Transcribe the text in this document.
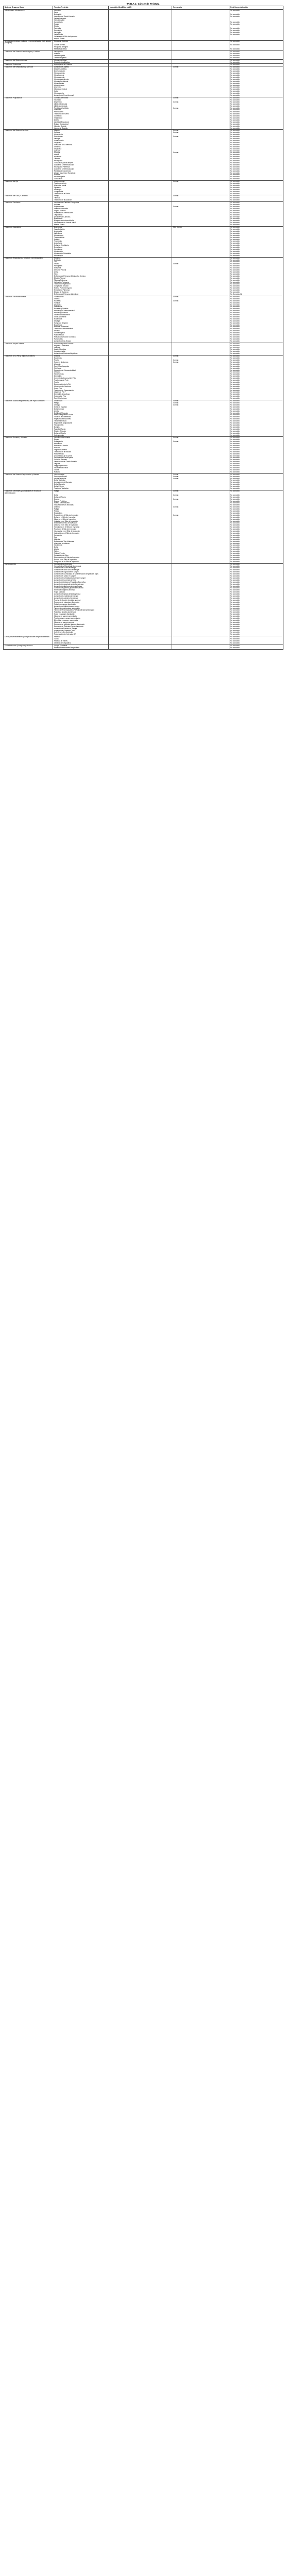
TABLA 1: Cáncer de Próstata
Sistema, Órganos, Clase	Término Preferido	Inyectable (MedDRA) (mBE)	Frecuencia	Post Comercialización

Infecciones e Infestaciones	Infección			No conocido

	Gripe			

	Bronquitis			No conocido

	Infección del Tracto Urinario			No conocido

	Quiste Infectado			

	Infección Viral			

	Candidiasis			No conocido

	Sepsis			No conocido

	Rinitis			

	Faringitis			No conocido

	Neumonía			No conocido

	Laringitis			No conocido

	Otitis Media			No conocido

	Celulitis en el Sitio de Inyección			

	Herpes Zóster			

Neoplasias benignas, malignas y no especificadas (incl. quistes y pólipos)	Neoplasia Cutánea			No conocido

	Cáncer de Piel			No conocido

	Neoplasia Benigna			

	Metástasis óseas			No conocido

Trastornos del Sistema Hematológico y Linfático	Leucopenia			No conocido

	Anemia			No conocido

	Linfadenopatía			No conocido

	Trombocitopenia			No conocido

Trastornos del Sistema Inmune	Hipersensibilidad			No conocido

	Reacción Anafiláctica			No conocido

Trastornos Endocrinos	Apoplejía de la Pituitaria			No conocido

Trastornos del Metabolismo y Nutrición	Aumento del Apetito		Común	No conocido

	Diabetes Mellitus			No conocido

	Deshidratación			No conocido

	Hiperglucemia			No conocido

	Hipoglucemia			No conocido

	Hipercalcemia			No conocido

	Hipercolesterolemia			No conocido

	Hipertrigliceridemia			No conocido

	Hiponatremia			No conocido

	Hiperuricemia			No conocido

	Anorexia			No conocido

	Obesidad Central			No conocido

	Gota			No conocido

	Hipercalemia			No conocido

	Aumento de Peso Anormal			No conocido

Trastornos Psiquiátricos	Cambios de Humor		Común	No conocido

	Insomnio			No conocido

	Depresión		Común	No conocido

	Libido Disminuida			No conocido

	Libido aumentada			No conocido

	Pérdida de la Libido		Común	No conocido

	Ansiedad			No conocido

	Nerviosismo			No conocido

	Trastorno del Sueño			No conocido

	Confusión			No conocido

	Irritabilidad			No conocido

	Delirio			No conocido

	Labilidad Emocional			No conocido

	Estado Confusional			No conocido

	Ideación Suicida			No conocido

	Intento de Suicidio			No conocido

Trastornos del Sistema Nervioso	Mareos		Común	No conocido

	Cefalea		Común	No conocido

	Hipoestesia			No conocido

	Parestesias		Común	No conocido

	Letargia			No conocido

	Somnolencia			No conocido

	Disgeusia			No conocido

	Alteración de la Memoria			No conocido

	Amnesia			No conocido

	Disgeusia			No conocido

	Ageusia			No conocido

	Síncope		Común	No conocido

	Ataxia			No conocido

	Hipotonía			No conocido

	Temblor			No conocido

	Neuropatía			No conocido

	Convulsión parcial simple			No conocido

	Accidente Cerebrovascular			No conocido

	Neuropatía Periférica			No conocido

	Accidente Cerebrovascular			No conocido

	Pérdida de Conciencia			No conocido

	Ataque Isquémico Transitorio			No conocido

	Parálisis			No conocido

	Neuromiopatía			No conocido

	Convulsión			No conocido

Trastornos del Ojo	Visión borrosa		Común	No conocido

	Trastorno del ojo			No conocido

	Alteración visual			No conocido

	Ojo seco			No conocido

	Ambliopía			No conocido

	Conjuntivitis			No conocido

	Trastorno de la Visión			No conocido

Trastornos del Oído y Laberinto	Vértigo		Común	No conocido

	Tinnitus			No conocido

	Trastorno de la Audición			No conocido

Trastornos Cardíacos	Insuficiencia Cardíaca Congestiva			No conocido

	Arritmia			No conocido

	Palpitaciones		Común	No conocido

	Infarto al Miocardio			No conocido

	Angina Pectoris			No conocido

	Extrasístoles ventriculares			No conocido

	Taquicardia			No conocido

	Insuficiencia Cardíaca			No conocido

	Bradicardia			No conocido

	Bloqueo Auriculoventricular			No conocido

	Insuficiencia de Válvula Mitral			No conocido

	Muerte Súbita			No conocido

Trastornos Vasculares	Bochornos		Muy Común	No conocido

	Vasodilatación			No conocido

	Angiopatía			No conocido

	Linfedema			No conocido

	Hipertensión			No conocido

	Tromboflebitis			No conocido

	Palidez			No conocido

	Trombosis			No conocido

	Aneurisma			No conocido

	Colapso Circulatorio			No conocido

	Embolismo			No conocido

	Hematoma			No conocido

	Hipotensión			No conocido

	Hipotensión Ortostática			No conocido

	Hemorragia			No conocido

Trastornos Respiratorios, Torácicos y del Mediastino	Rinorrea			No conocido

	Epistaxis			No conocido

	Tos			No conocido

	Disnea		Común	No conocido

	Hemoptisis			No conocido

	Enfisema			No conocido

	Derrame Pleural			No conocido

	Asma			No conocido

	Hipo			No conocido

	Enfermedad Pulmonar Obstructiva Crónica			No conocido

	Efusión Pleural			No conocido

	Fibrosis Pulmonar			No conocido

	Infiltración Pulmonar			No conocido

	Trastorno Respiratorio			No conocido

	Congestión Sinusal			No conocido

	Edema Pulmonar Agudo			No conocido

	Embolismo Pulmonar			No conocido

	Disnea de Esfuerzo			No conocido

	Enfermedad Pulmonar Intersticial			No Conocido [1]

Trastornos Gastrointestinales	Constipación		Común	No conocido

	Diarrea			No conocido

	Náuseas		Común	No conocido

	Vómitos			No conocido

	Dispepsia			No conocido

	Flatulencia			No conocido

	Náuseas y Vómitos			No conocido

	Hemorragia Gastrointestinal			No conocido

	Hemorragia Rectal			No conocido

	Distensión Abdominal			No conocido

	Dolor Abdominal			No conocido

	Boca Seca			No conocido

	Disfagia			No conocido

	Sangrado Gingival			No conocido

	Boca Seca			No conocido

	Malestar Abdominal			No conocido

	Trastorno Gastrointestinal			No conocido

	Eructos			No conocido

	Úlcera Péptica			No conocido

	Pólipo Rectal			No conocido

	Pseudo-obstrucción Colónica			No conocido

	Pancreatitis			No conocido

	Aumento de las Encías			No conocido

Trastornos Hepato-biliares	Función Hepática Anormal			No conocido

	Hepatitis Colestática			No conocido

	Ictericia			No conocido

	Lesión Hepática			No conocido

	Hepatomegalia			No conocido

	Aumento de Enzimas Hepáticas			No conocido

Trastornos de la Piel y Tejido Subcutáneo	Eritema		Común	No conocido

	Equimosis			No conocido

	Prurito		Común	No conocido

	Sudores Nocturnos		Común	No conocido

	Alopecia			No conocido

	Rash Maculopapular			No conocido

	Piel Seca			No conocido

	Reacción de Fotosensibilidad			No conocido

	Urticaria			No conocido

	Hiperhidrosis			No conocido

	Dermatitis			No conocido

	Crecimiento Anormal del Pelo			No conocido

	Trastornos del Pelo			No conocido

	Prurito			No conocido

	Decoloración de la Piel			No conocido

	Hiperhidrosis Nocturna			No conocido

	Sudor Frío			No conocido

	Trastorno de Pigmentación			No conocido

	Lesión de Piel			No conocido

	Dermatitis Ampollosa			No conocido

	Sudoración Fría			No conocido

	Rash Pruriginoso			No conocido

Trastornos Musculoesqueléticos y del Tejido Conectivo	Dolor Óseo		Común	No conocido

	Mialgia		Común	No conocido

	Artralgia		Común	No conocido

	Dolor de Espalda			No conocido

	Dolor Lumbar			No conocido

	Artritis			No conocido

	Debilidad Muscular			No conocido

	Musculoesquelético Dolor			No conocido

	Dolor en la Extremidad			No conocido

	Espasmos Musculares			No conocido

	Tendinitis Rotura			No conocido

	Espondilitis Anquilosante			No conocido

	Tenosinovitis			No conocido

	Bursitis			No conocido

	Fasciitis Plantar			No conocido

	Rigidez Articular			No conocido

	Dolor del Cuello			No conocido

	Osteoporosis			No conocido

Trastornos Renales y Urinarios	Incontinencia Urinaria		Común	No conocido

	Disuria			No conocido

	Poliaquiuria		Común	No conocido

	Hematuria			No conocido

	Retención Urinaria			No conocido

	Nicturia			No conocido

	Urgencia Urinaria			No conocido

	Trastorno de la Micción			No conocido

	Hidronefrosis			No conocido

	Anormalidad de la Orina			No conocido

	Insuficiencia Renal Aguda			No conocido

	Cálculos Renales			No conocido

	Obstrucción del Tracto Urinario			No conocido

	Oliguria			No conocido

	Vejiga Hipertónica			No conocido

	Insuficiencia Renal			No conocido

	Cistitis			No conocido

	Poliuria			No conocido

Trastornos del Sistema Reproductivo y Mamas	Ginecomastia		Común	No conocido

	Disfunción Eréctil		Común	No conocido

	Atrofia Testicular		Común	No conocido

	Dolor Testicular			No conocido

	Agrandamiento Mamario			No conocido

	Dolor Mamario			No conocido

	Dolor Pélvico			No conocido

	Trastorno Testicular			No conocido

Trastornos Generales y Condiciones en el Sitio de Administración	Fatiga		Común	No conocido

	Dolor		Común	No conocido

	Dolor del Pecho			No conocido

	Edema		Común	No conocido

	Edema Periférico			No conocido

	Edema Generalizado			No conocido

	Sequedad de las Mucosas			No conocido

	Astenia		Común	No conocido

	Fatiga			No conocido

	Pirexia			No conocido

	Escalofríos			No conocido

	Reacción en el Sitio de Inyección		Común	No conocido

	Dolor en el Sitio de Inyección			No conocido

	Masa en el Sitio de Inyección			No conocido

	Irritación en el Sitio de Inyección			No conocido

	Eritema en el Sitio de Inyección			No conocido

	Absceso en el Sitio de Inyección			No conocido

	Hematoma en el Sitio de Inyección			No conocido

	Prurito en el Sitio de Inyección			No conocido

	Inflamación en el Sitio de Inyección			No conocido

	Induración en el Sitio de Inyección			No conocido

	Cansancio			No conocido

	Sed			No conocido

	Malestar			No conocido

	Enfermedad Tipo Influenza			No conocido

	Alteración al caminar			No conocido

	Hipotermia			No conocido

	Dolor			No conocido

	Ataxia			No conocido

	Fiebre			No conocido

	Fístula Pírexia			No conocido

	Sensación de Calor			No conocido

	Discomfort en el Sitio de Inyección			No conocido

	Nódulo en el Sitio de Inyección			No conocido

	Sangrado en el Sitio de Inyección			No conocido

Investigaciones	Hemoglobina disminuida			No conocido

	Hemoglobina Glicosilada Aumentada			No conocido

	Aumento de la urea en sangre			No conocido

	Aumento de ácido úrico en sangre			No conocido

	Aumento de la glucosa en sangre			No conocido

	Aumento de la velocidad de sedimentación de glóbulos rojos			No conocido

	Aumento del calcio en sangre			No conocido

	Aumento de la fosfatasa alcalina en sangre			No conocido

	Aumento de la presión arterial			No conocido

	Aumento de Antígeno Prostático Específico			No conocido

	Aumento de aspartato aminotransferasa			No conocido

	Aumento de alanina aminotransferasa			No conocido

	Aumento de gamma-glutamiltransferasa			No conocido

	Electrocardiograma anormal			No conocido

	Soplo cardíaco			No conocido

	Aumento de lactato deshidrogenasa			No conocido

	Aumento de creatinina en sangre			No conocido

	Aumento de colesterol en sangre			No conocido

	Prueba de función hepática anormal			No conocido

	Recuento de plaquetas disminuido			No conocido

	Potasio en sangre disminuido			No conocido

	Aumento de triglicéridos en sangre			No conocido

	Tiempo de protrombina prolongado			No conocido

	Tiempo de Tromboplastina Parcial Activada prolongado			No conocido

	Fosfatasa alcalina aumentada			No conocido

	Sodio en sangre disminuido			No conocido

	Glucosa en sangre aumentada			No conocido

	Triglicéridos en sangre aumentados			No conocido

	Bilirrubina en sangre aumentada			No conocido

	Glucosa en sangre anormal			No conocido

	Recuento de glóbulos blancos disminuido			No conocido

	Recuento de Glóbulos Rojos disminuido			No conocido

	Aumento de Fosfato en Sangre			No conocido

	Aumento de Colesterol Total			No conocido

	Colesterol LDL disminuido			No conocido

	Prolongación del intervalo QT			No conocido

Lesión, envenenamiento y complicaciones de procedimientos	Fractura			No conocido

	Caída			No conocido

	Fractura de estrés			No conocido

	Oclusión de dispositivo			No conocido

Procedimientos Quirúrgicos y Médicos	Cirugía Prostática			No conocido

	Resección transuretral de próstata			No conocido
